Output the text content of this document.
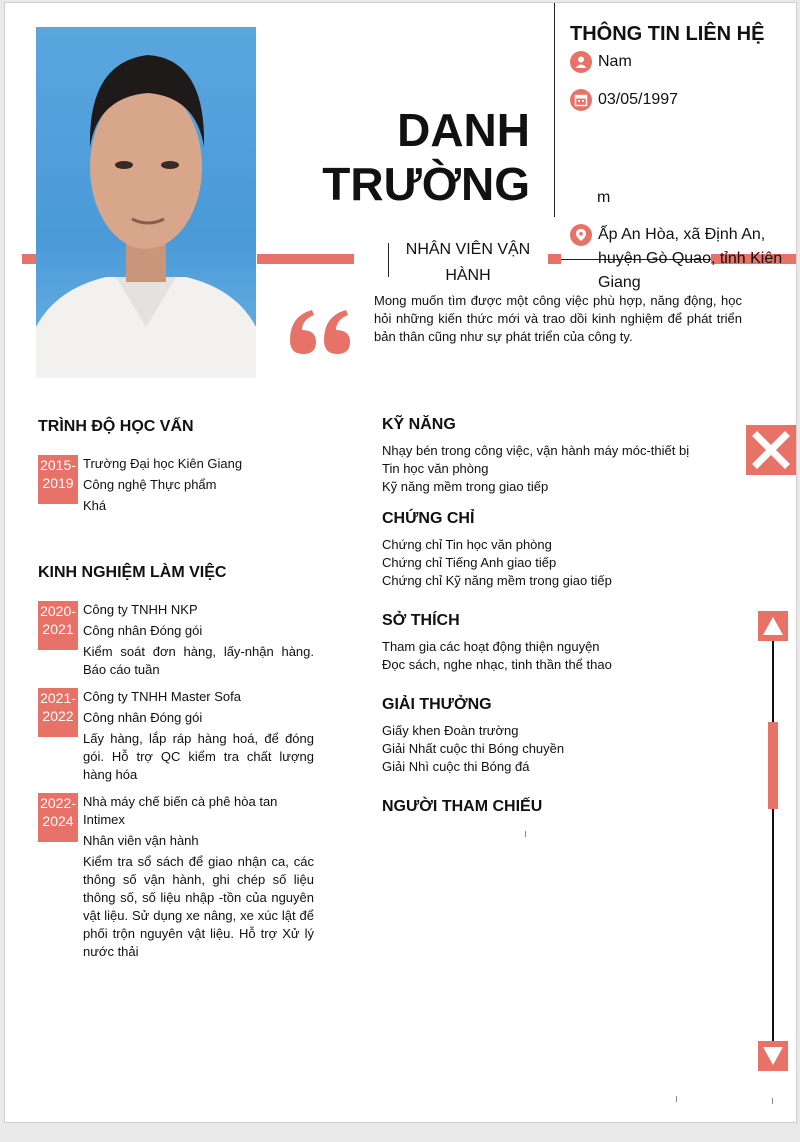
DANH
TRƯỜNG
THÔNG TIN LIÊN HỆ
Nam
03/05/1997
m
Ấp An Hòa, xã Định An, huyện Gò Quao, tỉnh Kiên Giang
NHÂN VIÊN VẬN HÀNH
Mong muốn tìm được một công việc phù hợp, năng động, học hỏi những kiến thức mới và trao dồi kinh nghiệm để phát triển bản thân cũng như sự phát triển của công ty.
TRÌNH ĐỘ HỌC VẤN
2015-
2019

Trường Đại học Kiên Giang

Công nghệ Thực phẩm

Khá

KINH NGHIỆM LÀM VIỆC
2020-
2021

Công ty TNHH NKP

Công nhân Đóng gói

Kiểm soát đơn hàng, lấy-nhận hàng. Báo cáo tuần

2021-
2022

Công ty TNHH Master Sofa

Công nhân Đóng gói

Lấy hàng, lắp ráp hàng hoá, để đóng gói. Hỗ trợ QC kiểm tra chất lượng hàng hóa

2022-
2024

Nhà máy chế biến cà phê hòa tan Intimex

Nhân viên vận hành

Kiểm tra sổ sách để giao nhận ca, các thông số vận hành, ghi chép số liệu thông số, số liệu nhập -tồn của nguyên vật liệu. Sử dụng xe nâng, xe xúc lật để phối trộn nguyên vật liệu. Hỗ trợ Xử lý nước thải

KỸ NĂNG

Nhạy bén trong công việc, vận hành máy móc-thiết bị

Tin học văn phòng

Kỹ năng mềm trong giao tiếp

CHỨNG CHỈ

Chứng chỉ Tin học văn phòng

Chứng chỉ Tiếng Anh giao tiếp

Chứng chỉ Kỹ năng mềm trong giao tiếp

SỞ THÍCH

Tham gia các hoạt động thiện nguyện

Đọc sách, nghe nhạc, tinh thần thể thao

GIẢI THƯỞNG

Giấy khen Đoàn trường

Giải Nhất cuộc thi Bóng chuyền

Giải Nhì cuộc thi Bóng đá

NGƯỜI THAM CHIẾU
